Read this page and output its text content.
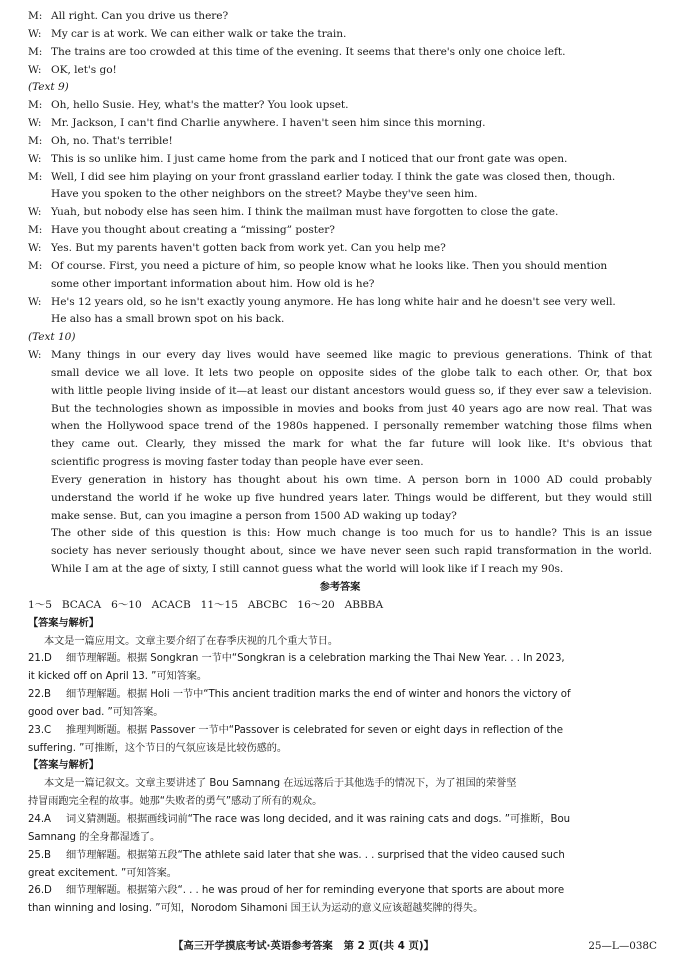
M: All right. Can you drive us there?
W: My car is at work. We can either walk or take the train.
M: The trains are too crowded at this time of the evening. It seems that there's only one choice left.
W: OK, let's go!
(Text 9)
M: Oh, hello Susie. Hey, what's the matter? You look upset.
W: Mr. Jackson, I can't find Charlie anywhere. I haven't seen him since this morning.
M: Oh, no. That's terrible!
W: This is so unlike him. I just came home from the park and I noticed that our front gate was open.
M: Well, I did see him playing on your front grassland earlier today. I think the gate was closed then, though.
Have you spoken to the other neighbors on the street? Maybe they've seen him.
W: Yuah, but nobody else has seen him. I think the mailman must have forgotten to close the gate.
M: Have you thought about creating a “missing” poster?
W: Yes. But my parents haven't gotten back from work yet. Can you help me?
M: Of course. First, you need a picture of him, so people know what he looks like. Then you should mention
some other important information about him. How old is he?
W: He's 12 years old, so he isn't exactly young anymore. He has long white hair and he doesn't see very well.
He also has a small brown spot on his back.
(Text 10)
W: Many things in our every day lives would have seemed like magic to previous generations. Think of that
small device we all love. It lets two people on opposite sides of the globe talk to each other. Or, that box
with little people living inside of it—at least our distant ancestors would guess so, if they ever saw a television.
But the technologies shown as impossible in movies and books from just 40 years ago are now real. That was
when the Hollywood space trend of the 1980s happened. I personally remember watching those films when
they came out. Clearly, they missed the mark for what the far future will look like. It's obvious that
scientific progress is moving faster today than people have ever seen.
Every generation in history has thought about his own time. A person born in 1000 AD could probably
understand the world if he woke up five hundred years later. Things would be different, but they would still
make sense. But, can you imagine a person from 1500 AD waking up today?
The other side of this question is this: How much change is too much for us to handle? This is an issue
society has never seriously thought about, since we have never seen such rapid transformation in the world.
While I am at the age of sixty, I still cannot guess what the world will look like if I reach my 90s.
参考答案
1～5   BCACA   6～10   ACACB   11～15   ABCBC   16～20   ABBBA
【答案与解析】
本文是一篇应用文。文章主要介绍了在春季庆视的几个重大节日。
21.D 细节理解题。根据 Songkran 一节中“Songkran is a celebration marking the Thai New Year. . . In 2023,
it kicked off on April 13. ”可知答案。
22.B 细节理解题。根据 Holi 一节中“This ancient tradition marks the end of winter and honors the victory of
good over bad. ”可知答案。
23.C 推理判断题。根据 Passover 一节中“Passover is celebrated for seven or eight days in reflection of the
suffering. ”可推断，这个节日的气氛应该是比较伤感的。
【答案与解析】
本文是一篇记叙文。文章主要讲述了 Bou Samnang 在远远落后于其他选手的情况下，为了祖国的荣誉坚
持冒雨跑完全程的故事。她那“失败者的勇气”感动了所有的观众。
24.A 词义猜测题。根据画线词前“The race was long decided, and it was raining cats and dogs. ”可推断，Bou
Samnang 的全身都湿透了。
25.B 细节理解题。根据第五段“The athlete said later that she was. . . surprised that the video caused such
great excitement. ”可知答案。
26.D 细节理解题。根据第六段“. . . he was proud of her for reminding everyone that sports are about more
than winning and losing. ”可知，Norodom Sihamoni 国王认为运动的意义应该超越奖牌的得失。
【高三开学摸底考试·英语参考答案   第 2 页(共 4 页)】	25—L—038C
